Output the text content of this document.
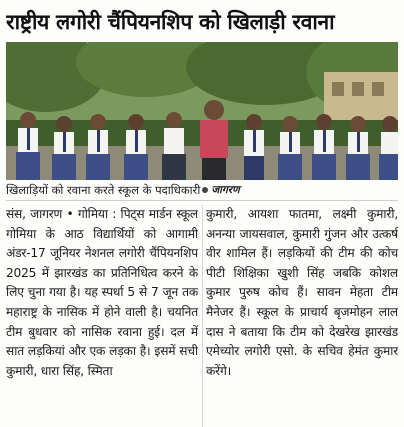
राष्ट्रीय लगोरी चैंपियनशिप को खिलाड़ी रवाना
खिलाड़ियों को रवाना करते स्कूल के पदाधिकारी जागरण

संस, जागरण • गोमिया : पिट्स मार्डन स्कूल गोमिया के आठ विद्यार्थियों को आगामी अंडर-17 जूनियर नेशनल लगोरी चैंपियनशिप 2025 में झारखंड का प्रतिनिधित्व करने के लिए चुना गया है। यह स्पर्धा 5 से 7 जून तक महाराष्ट्र के नासिक में होने वाली है। चयनित टीम बुधवार को नासिक रवाना हुई। दल में सात लड़कियां और एक लड़का है। इसमें सची कुमारी, धारा सिंह, स्मिता

कुमारी, आयशा फातमा, लक्ष्मी कुमारी, अनन्या जायसवाल, कुमारी गुंजन और उत्कर्ष वीर शामिल हैं। लड़कियों की टीम की कोच पीटी शिक्षिका खुशी सिंह जबकि कोशल कुमार पुरुष कोच हैं। सावन मेहता टीम मैनेजर हैं। स्कूल के प्राचार्य बृजमोहन लाल दास ने बताया कि टीम को देखरेख झारखंड एमेच्योर लगोरी एसो. के सचिव हेमंत कुमार करेंगे।
